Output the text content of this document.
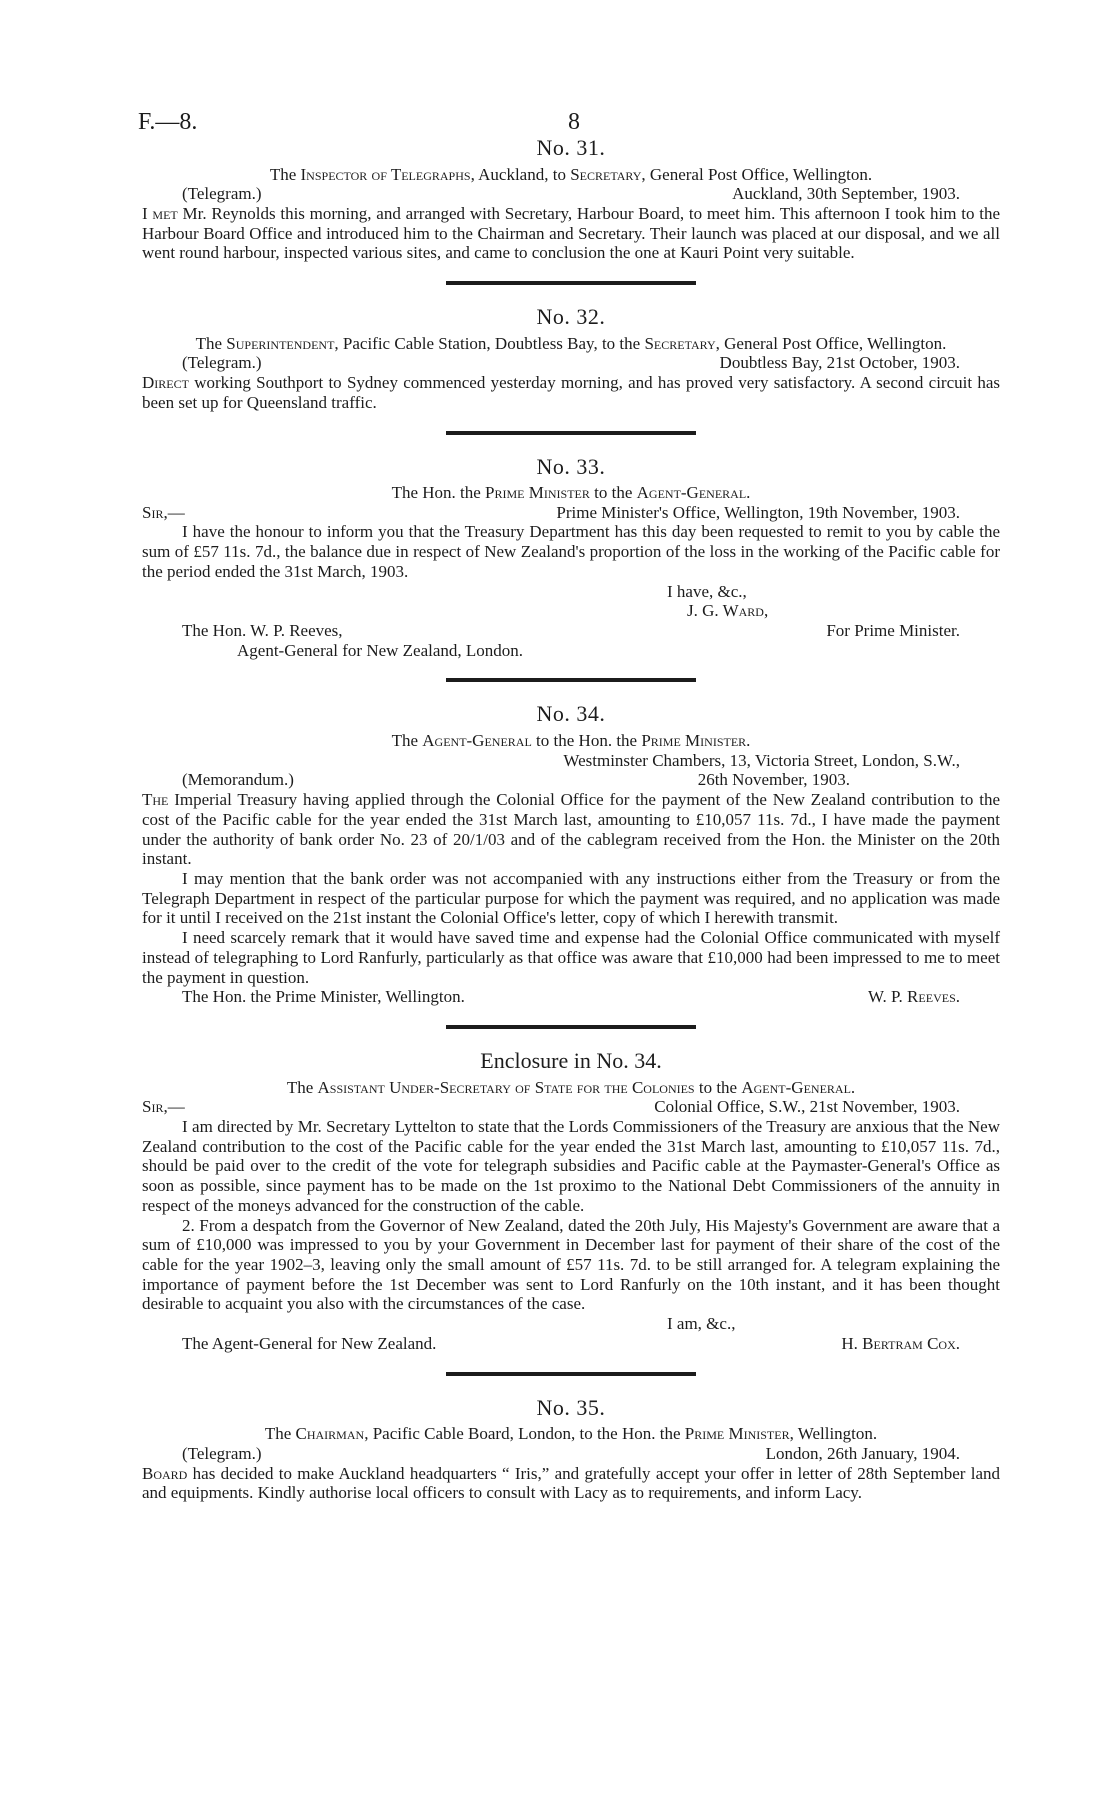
F.—8.	8
No. 31.
The Inspector of Telegraphs, Auckland, to Secretary, General Post Office, Wellington.
(Telegram.)	Auckland, 30th September, 1903.

I met Mr. Reynolds this morning, and arranged with Secretary, Harbour Board, to meet him. This afternoon I took him to the Harbour Board Office and introduced him to the Chairman and Secretary. Their launch was placed at our disposal, and we all went round harbour, inspected various sites, and came to conclusion the one at Kauri Point very suitable.

No. 32.
The Superintendent, Pacific Cable Station, Doubtless Bay, to the Secretary, General Post Office, Wellington.
(Telegram.)	Doubtless Bay, 21st October, 1903.

Direct working Southport to Sydney commenced yesterday morning, and has proved very satisfactory. A second circuit has been set up for Queensland traffic.

No. 33.
The Hon. the Prime Minister to the Agent-General.
Sir,—	Prime Minister's Office, Wellington, 19th November, 1903.

I have the honour to inform you that the Treasury Department has this day been requested to remit to you by cable the sum of £57 11s. 7d., the balance due in respect of New Zealand's proportion of the loss in the working of the Pacific cable for the period ended the 31st March, 1903.

I have, &c.,
J. G. Ward,
The Hon. W. P. Reeves,	For Prime Minister.
Agent-General for New Zealand, London.
No. 34.
The Agent-General to the Hon. the Prime Minister.
Westminster Chambers, 13, Victoria Street, London, S.W.,
(Memorandum.)	26th November, 1903.

The Imperial Treasury having applied through the Colonial Office for the payment of the New Zealand contribution to the cost of the Pacific cable for the year ended the 31st March last, amounting to £10,057 11s. 7d., I have made the payment under the authority of bank order No. 23 of 20/1/03 and of the cablegram received from the Hon. the Minister on the 20th instant.

I may mention that the bank order was not accompanied with any instructions either from the Treasury or from the Telegraph Department in respect of the particular purpose for which the payment was required, and no application was made for it until I received on the 21st instant the Colonial Office's letter, copy of which I herewith transmit.

I need scarcely remark that it would have saved time and expense had the Colonial Office communicated with myself instead of telegraphing to Lord Ranfurly, particularly as that office was aware that £10,000 had been impressed to me to meet the payment in question.

The Hon. the Prime Minister, Wellington.	W. P. Reeves.
Enclosure in No. 34.
The Assistant Under-Secretary of State for the Colonies to the Agent-General.
Sir,—	Colonial Office, S.W., 21st November, 1903.

I am directed by Mr. Secretary Lyttelton to state that the Lords Commissioners of the Treasury are anxious that the New Zealand contribution to the cost of the Pacific cable for the year ended the 31st March last, amounting to £10,057 11s. 7d., should be paid over to the credit of the vote for telegraph subsidies and Pacific cable at the Paymaster-General's Office as soon as possible, since payment has to be made on the 1st proximo to the National Debt Commissioners of the annuity in respect of the moneys advanced for the construction of the cable.

2. From a despatch from the Governor of New Zealand, dated the 20th July, His Majesty's Government are aware that a sum of £10,000 was impressed to you by your Government in December last for payment of their share of the cost of the cable for the year 1902–3, leaving only the small amount of £57 11s. 7d. to be still arranged for. A telegram explaining the importance of payment before the 1st December was sent to Lord Ranfurly on the 10th instant, and it has been thought desirable to acquaint you also with the circumstances of the case.

I am, &c.,
The Agent-General for New Zealand.	H. Bertram Cox.
No. 35.
The Chairman, Pacific Cable Board, London, to the Hon. the Prime Minister, Wellington.
(Telegram.)	London, 26th January, 1904.

Board has decided to make Auckland headquarters “ Iris,” and gratefully accept your offer in letter of 28th September land and equipments. Kindly authorise local officers to consult with Lacy as to requirements, and inform Lacy.
